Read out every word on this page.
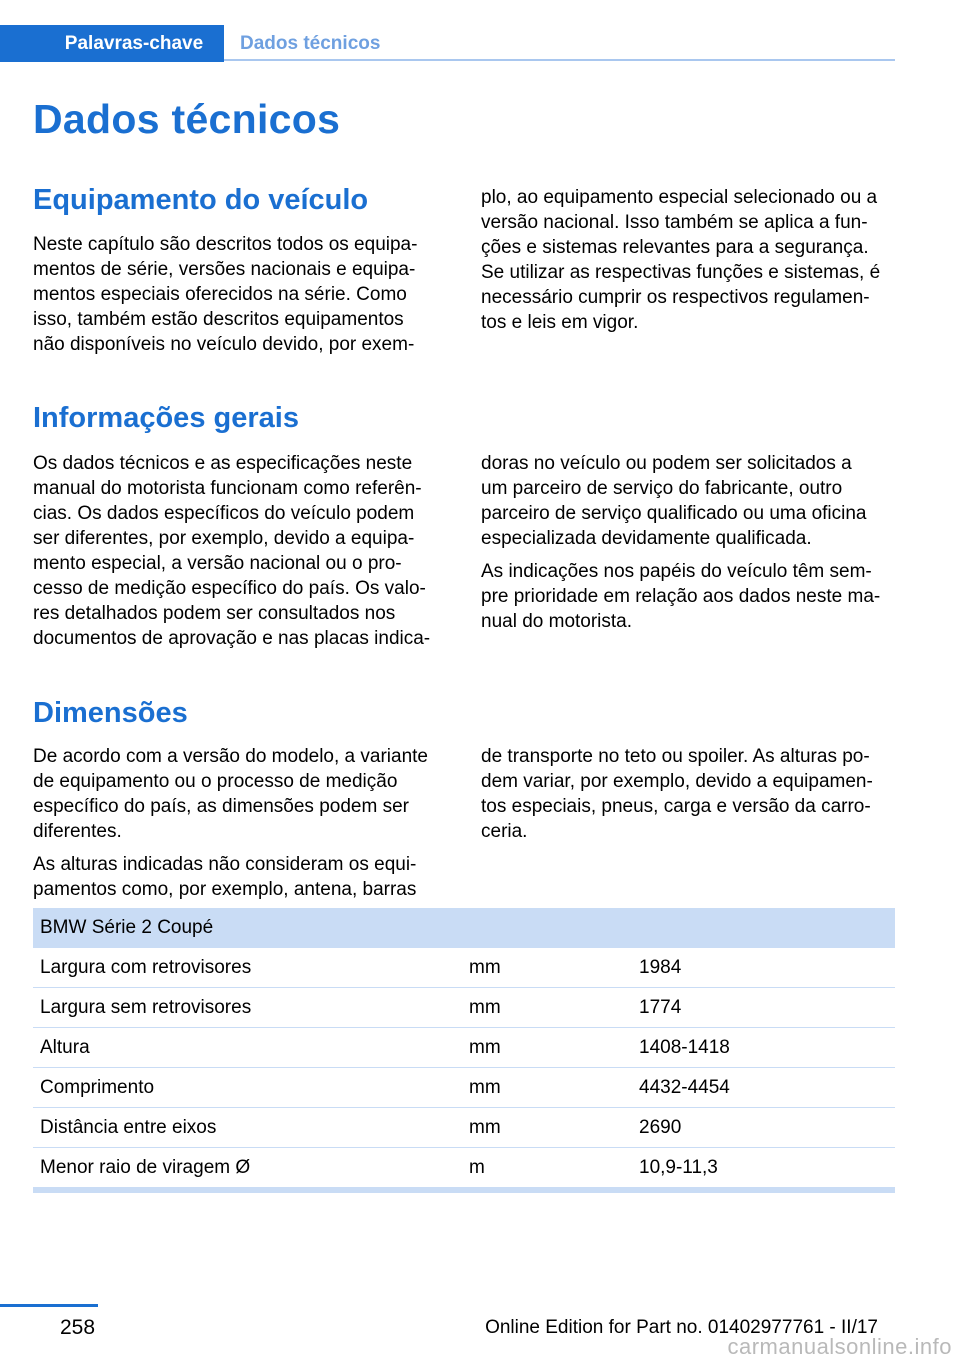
Palavras-chave	Dados técnicos
Dados técnicos
Equipamento do veículo

Neste capítulo são descritos todos os equipa-
mentos de série, versões nacionais e equipa-
mentos especiais oferecidos na série. Como
isso, também estão descritos equipamentos
não disponíveis no veículo devido, por exem-

plo, ao equipamento especial selecionado ou a
versão nacional. Isso também se aplica a fun-
ções e sistemas relevantes para a segurança.
Se utilizar as respectivas funções e sistemas, é
necessário cumprir os respectivos regulamen-
tos e leis em vigor.

Informações gerais

Os dados técnicos e as especificações neste
manual do motorista funcionam como referên-
cias. Os dados específicos do veículo podem
ser diferentes, por exemplo, devido a equipa-
mento especial, a versão nacional ou o pro-
cesso de medição específico do país. Os valo-
res detalhados podem ser consultados nos
documentos de aprovação e nas placas indica-

doras no veículo ou podem ser solicitados a
um parceiro de serviço do fabricante, outro
parceiro de serviço qualificado ou uma oficina
especializada devidamente qualificada.

As indicações nos papéis do veículo têm sem-
pre prioridade em relação aos dados neste ma-
nual do motorista.

Dimensões

De acordo com a versão do modelo, a variante
de equipamento ou o processo de medição
específico do país, as dimensões podem ser
diferentes.

As alturas indicadas não consideram os equi-
pamentos como, por exemplo, antena, barras

de transporte no teto ou spoiler. As alturas po-
dem variar, por exemplo, devido a equipamen-
tos especiais, pneus, carga e versão da carro-
ceria.

BMW Série 2 Coupé
Largura com retrovisores	mm	1984
Largura sem retrovisores	mm	1774
Altura	mm	1408-1418
Comprimento	mm	4432-4454
Distância entre eixos	mm	2690
Menor raio de viragem Ø	m	10,9-11,3
258	Online Edition for Part no. 01402977761 - II/17
carmanualsonline.info
